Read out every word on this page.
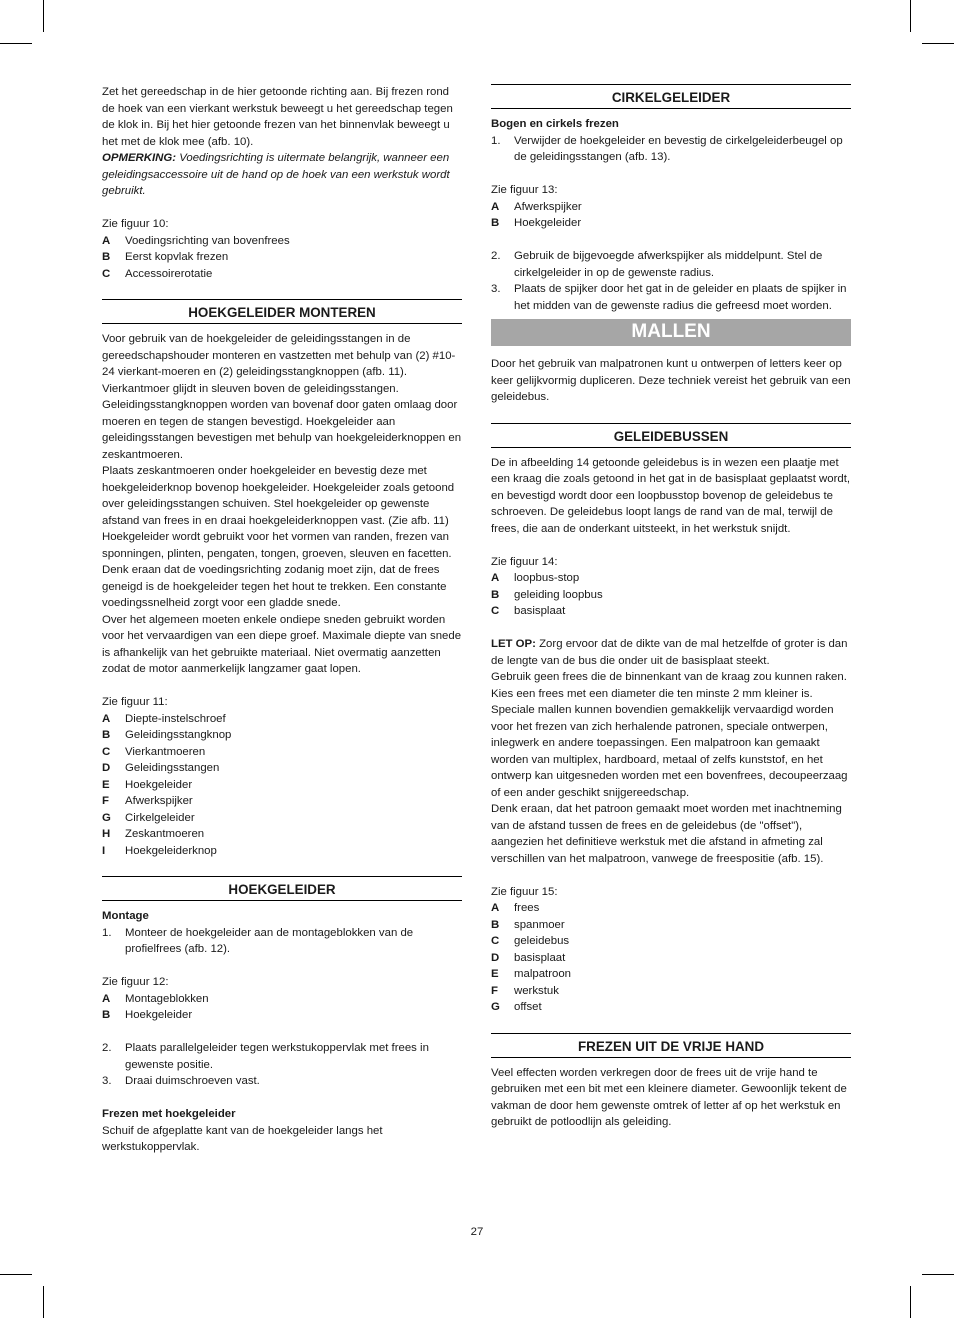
Zet het gereedschap in de hier getoonde richting aan. Bij frezen rond de hoek van een vierkant werkstuk beweegt u het gereedschap tegen de klok in. Bij het hier getoonde frezen van het binnenvlak beweegt u het met de klok mee (afb. 10).

OPMERKING: Voedingsrichting is uitermate belangrijk, wanneer een geleidingsaccessoire uit de hand op de hoek van een werkstuk wordt gebruikt.

Zie figuur 10:

A	Voedingsrichting van bovenfrees
B	Eerst kopvlak frezen
C	Accessoirerotatie
HOEKGELEIDER MONTEREN

Voor gebruik van de hoekgeleider de geleidingsstangen in de gereedschapshouder monteren en vastzetten met behulp van (2) #10-24 vierkant-moeren en (2) geleidingsstangknoppen (afb. 11). Vierkantmoer glijdt in sleuven boven de geleidingsstangen. Geleidingsstangknoppen worden van bovenaf door gaten omlaag door moeren en tegen de stangen bevestigd. Hoekgeleider aan geleidingsstangen bevestigen met behulp van hoekgeleiderknoppen en zeskantmoeren.

Plaats zeskantmoeren onder hoekgeleider en bevestig deze met hoekgeleiderknop bovenop hoekgeleider. Hoekgeleider zoals getoond over geleidingsstangen schuiven. Stel hoekgeleider op gewenste afstand van frees in en draai hoekgeleiderknoppen vast. (Zie afb. 11) Hoekgeleider wordt gebruikt voor het vormen van randen, frezen van sponningen, plinten, pengaten, tongen, groeven, sleuven en facetten. Denk eraan dat de voedingsrichting zodanig moet zijn, dat de frees geneigd is de hoekgeleider tegen het hout te trekken. Een constante voedingssnelheid zorgt voor een gladde snede.

Over het algemeen moeten enkele ondiepe sneden gebruikt worden voor het vervaardigen van een diepe groef. Maximale diepte van snede is afhankelijk van het gebruikte materiaal. Niet overmatig aanzetten zodat de motor aanmerkelijk langzamer gaat lopen.

Zie figuur 11:

A	Diepte-instelschroef
B	Geleidingsstangknop
C	Vierkantmoeren
D	Geleidingsstangen
E	Hoekgeleider
F	Afwerkspijker
G	Cirkelgeleider
H	Zeskantmoeren
I	Hoekgeleiderknop
HOEKGELEIDER

Montage

1.	Monteer de hoekgeleider aan de montageblokken van de profielfrees (afb. 12).

Zie figuur 12:

A	Montageblokken
B	Hoekgeleider
2.	Plaats parallelgeleider tegen werkstukoppervlak met frees in gewenste positie.
3.	Draai duimschroeven vast.

Frezen met hoekgeleider

Schuif de afgeplatte kant van de hoekgeleider langs het werkstukoppervlak.

CIRKELGELEIDER

Bogen en cirkels frezen

1.	Verwijder de hoekgeleider en bevestig de cirkelgeleiderbeugel op de geleidingsstangen (afb. 13).

Zie figuur 13:

A	Afwerkspijker
B	Hoekgeleider
2.	Gebruik de bijgevoegde afwerkspijker als middelpunt. Stel de cirkelgeleider in op de gewenste radius.
3.	Plaats de spijker door het gat in de geleider en plaats de spijker in het midden van de gewenste radius die gefreesd moet worden.
MALLEN

Door het gebruik van malpatronen kunt u ontwerpen of letters keer op keer gelijkvormig dupliceren. Deze techniek vereist het gebruik van een geleidebus.

GELEIDEBUSSEN

De in afbeelding 14 getoonde geleidebus is in wezen een plaatje met een kraag die zoals getoond in het gat in de basisplaat geplaatst wordt, en bevestigd wordt door een loopbusstop bovenop de geleidebus te schroeven. De geleidebus loopt langs de rand van de mal, terwijl de frees, die aan de onderkant uitsteekt, in het werkstuk snijdt.

Zie figuur 14:

A	loopbus-stop
B	geleiding loopbus
C	basisplaat

LET OP: Zorg ervoor dat de dikte van de mal hetzelfde of groter is dan de lengte van de bus die onder uit de basisplaat steekt.

Gebruik geen frees die de binnenkant van de kraag zou kunnen raken. Kies een frees met een diameter die ten minste 2 mm kleiner is. Speciale mallen kunnen bovendien gemakkelijk vervaardigd worden voor het frezen van zich herhalende patronen, speciale ontwerpen, inlegwerk en andere toepassingen. Een malpatroon kan gemaakt worden van multiplex, hardboard, metaal of zelfs kunststof, en het ontwerp kan uitgesneden worden met een bovenfrees, decoupeerzaag of een ander geschikt snijgereedschap.

Denk eraan, dat het patroon gemaakt moet worden met inachtneming van de afstand tussen de frees en de geleidebus (de "offset"), aangezien het definitieve werkstuk met die afstand in afmeting zal verschillen van het malpatroon, vanwege de freespositie (afb. 15).

Zie figuur 15:

A	frees
B	spanmoer
C	geleidebus
D	basisplaat
E	malpatroon
F	werkstuk
G	offset
FREZEN UIT DE VRIJE HAND

Veel effecten worden verkregen door de frees uit de vrije hand te gebruiken met een bit met een kleinere diameter. Gewoonlijk tekent de vakman de door hem gewenste omtrek of letter af op het werkstuk en gebruikt de potloodlijn als geleiding.

27
